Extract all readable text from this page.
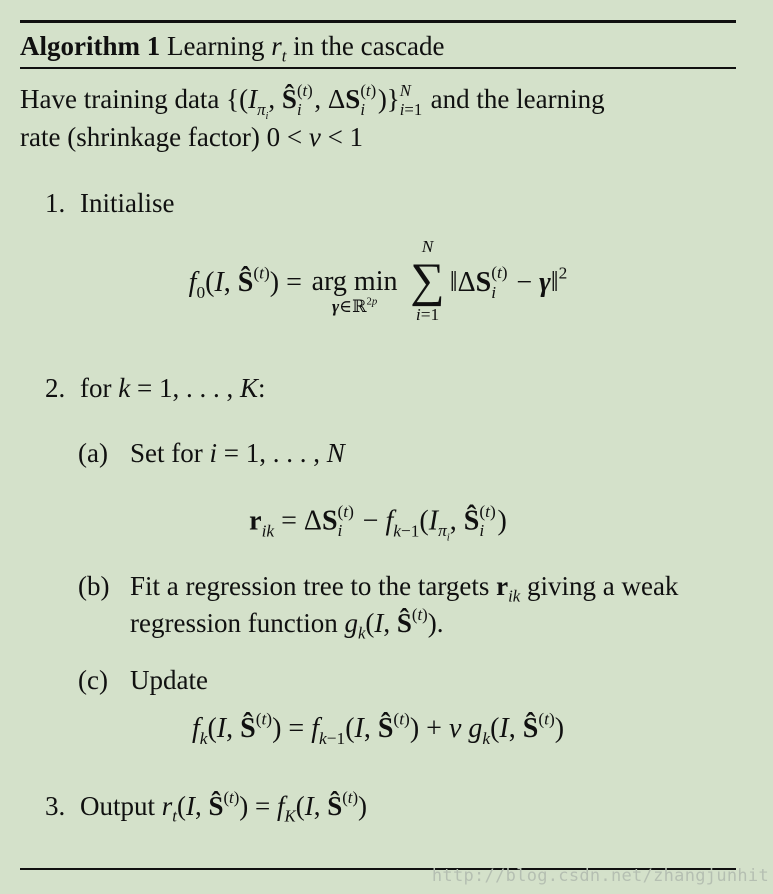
Algorithm 1 Learning $r_t$ in the cascade

Have training data {($I_{\pi_i}$, Ŝ (t)
i , ΔS (t)
i )} N
i=1 and the learning
rate (shrinkage factor) 0 < ν < 1

1. Initialise
$f_0(I$, $Ŝ^{(t)}$) = arg min
γ∈ℝ$^{2p}$
N
∑
i=1
‖ΔS (t)
i − γ‖$^2$
2. for k = 1, . . . , K:
(a) Set for i = 1, . . . , N
$r_{ik} = \Delta S$ (t)
$i - f_{k-1}(I_{\pi_i}$, Ŝ (t)
i )
(b) Fit a regression tree to the targets $r_{ik}$ giving a weak
regression function $g_k(I$, $Ŝ^{(t)}$).
(c) Update
$f_k(I$, $Ŝ^{(t)}) = f_{k-1}(I$, $Ŝ^{(t)}) + \nu$ $g_k(I$, $Ŝ^{(t)}$)
3. Output $r_t(I$, $Ŝ^{(t)}) = f_K(I$, $Ŝ^{(t)}$)
http://blog.csdn.net/zhangjunhit
